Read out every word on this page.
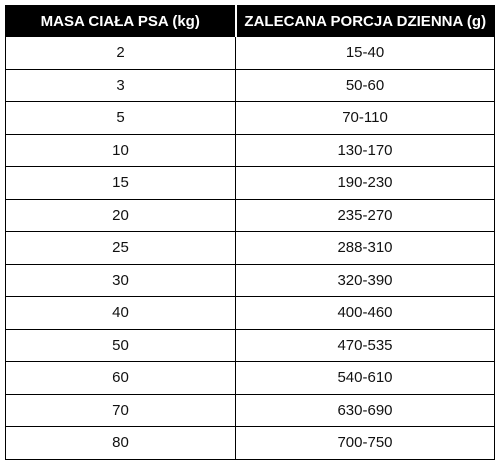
MASA CIAŁA PSA (kg)	ZALECANA PORCJA DZIENNA (g)
2	15-40
3	50-60
5	70-110
10	130-170
15	190-230
20	235-270
25	288-310
30	320-390
40	400-460
50	470-535
60	540-610
70	630-690
80	700-750
